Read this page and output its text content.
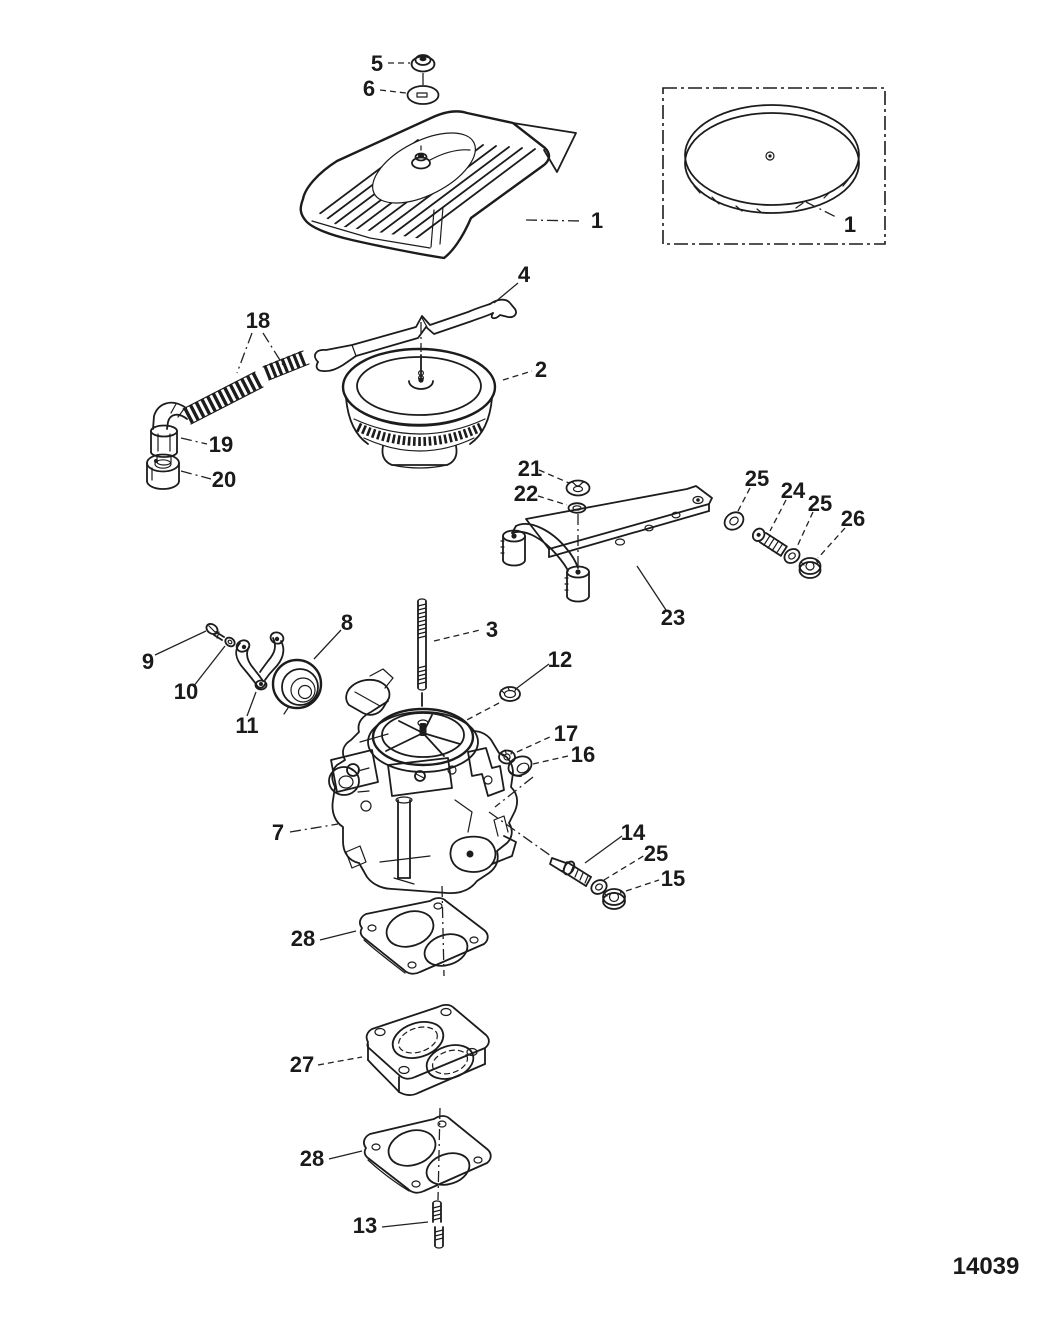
5
6
1	1
4
18
2
19
20	21
22
25 24
25
26
23
9
10
8	3
12
11	17
16
7	14
25
15
28
27
28
13
14039
